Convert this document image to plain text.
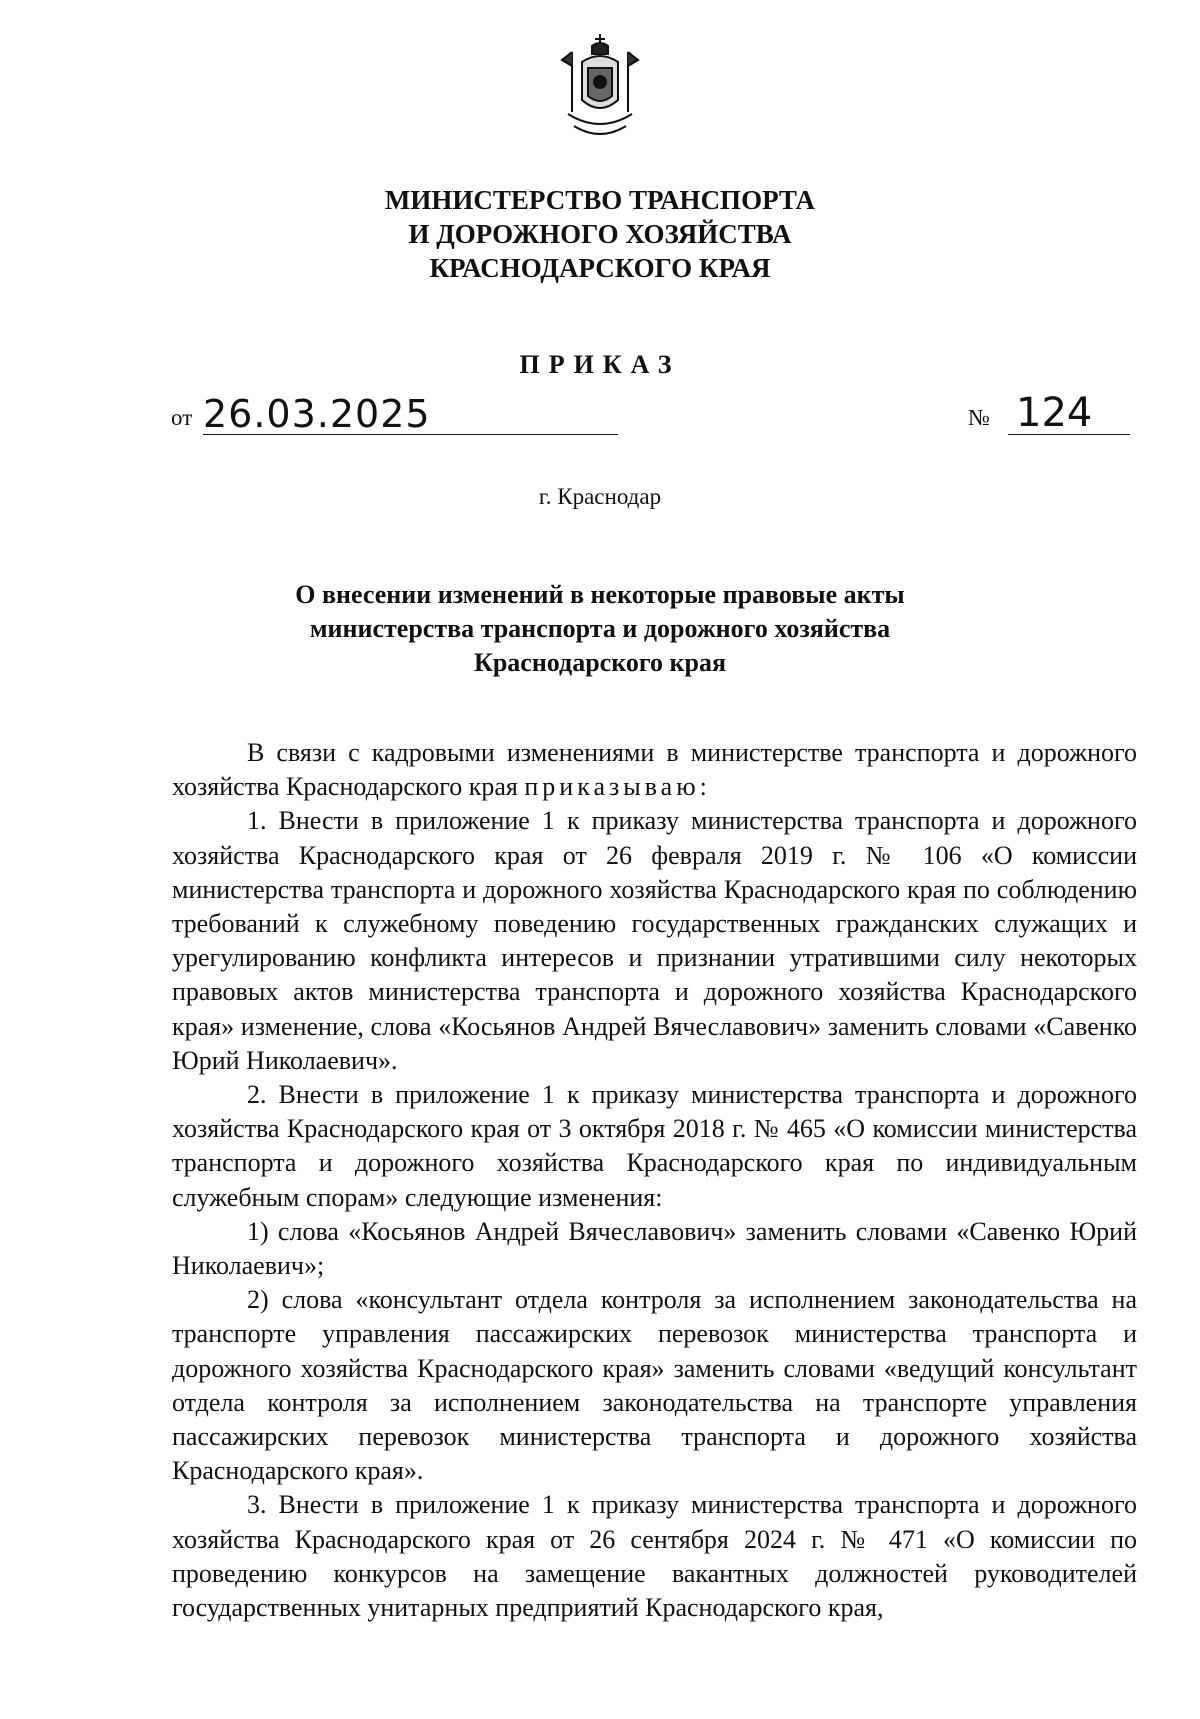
МИНИСТЕРСТВО ТРАНСПОРТА
И ДОРОЖНОГО ХОЗЯЙСТВА
КРАСНОДАРСКОГО КРАЯ
ПРИКАЗ
от 26.03.2025	№ 124
г. Краснодар
О внесении изменений в некоторые правовые акты
министерства транспорта и дорожного хозяйства
Краснодарского края

В связи с кадровыми изменениями в министерстве транспорта и дорожного хозяйства Краснодарского края приказываю:

1. Внести в приложение 1 к приказу министерства транспорта и дорожного хозяйства Краснодарского края от 26 февраля 2019 г. № 106 «О комиссии министерства транспорта и дорожного хозяйства Краснодарского края по соблюдению требований к служебному поведению государственных гражданских служащих и урегулированию конфликта интересов и признании утратившими силу некоторых правовых актов министерства транспорта и дорожного хозяйства Краснодарского края» изменение, слова «Косьянов Андрей Вячеславович» заменить словами «Савенко Юрий Николаевич».

2. Внести в приложение 1 к приказу министерства транспорта и дорожного хозяйства Краснодарского края от 3 октября 2018 г. № 465 «О комиссии министерства транспорта и дорожного хозяйства Краснодарского края по индивидуальным служебным спорам» следующие изменения:

1) слова «Косьянов Андрей Вячеславович» заменить словами «Савенко Юрий Николаевич»;

2) слова «консультант отдела контроля за исполнением законодательства на транспорте управления пассажирских перевозок министерства транспорта и дорожного хозяйства Краснодарского края» заменить словами «ведущий консультант отдела контроля за исполнением законодательства на транспорте управления пассажирских перевозок министерства транспорта и дорожного хозяйства Краснодарского края».

3. Внести в приложение 1 к приказу министерства транспорта и дорожного хозяйства Краснодарского края от 26 сентября 2024 г. № 471 «О комиссии по проведению конкурсов на замещение вакантных должностей руководителей государственных унитарных предприятий Краснодарского края,
